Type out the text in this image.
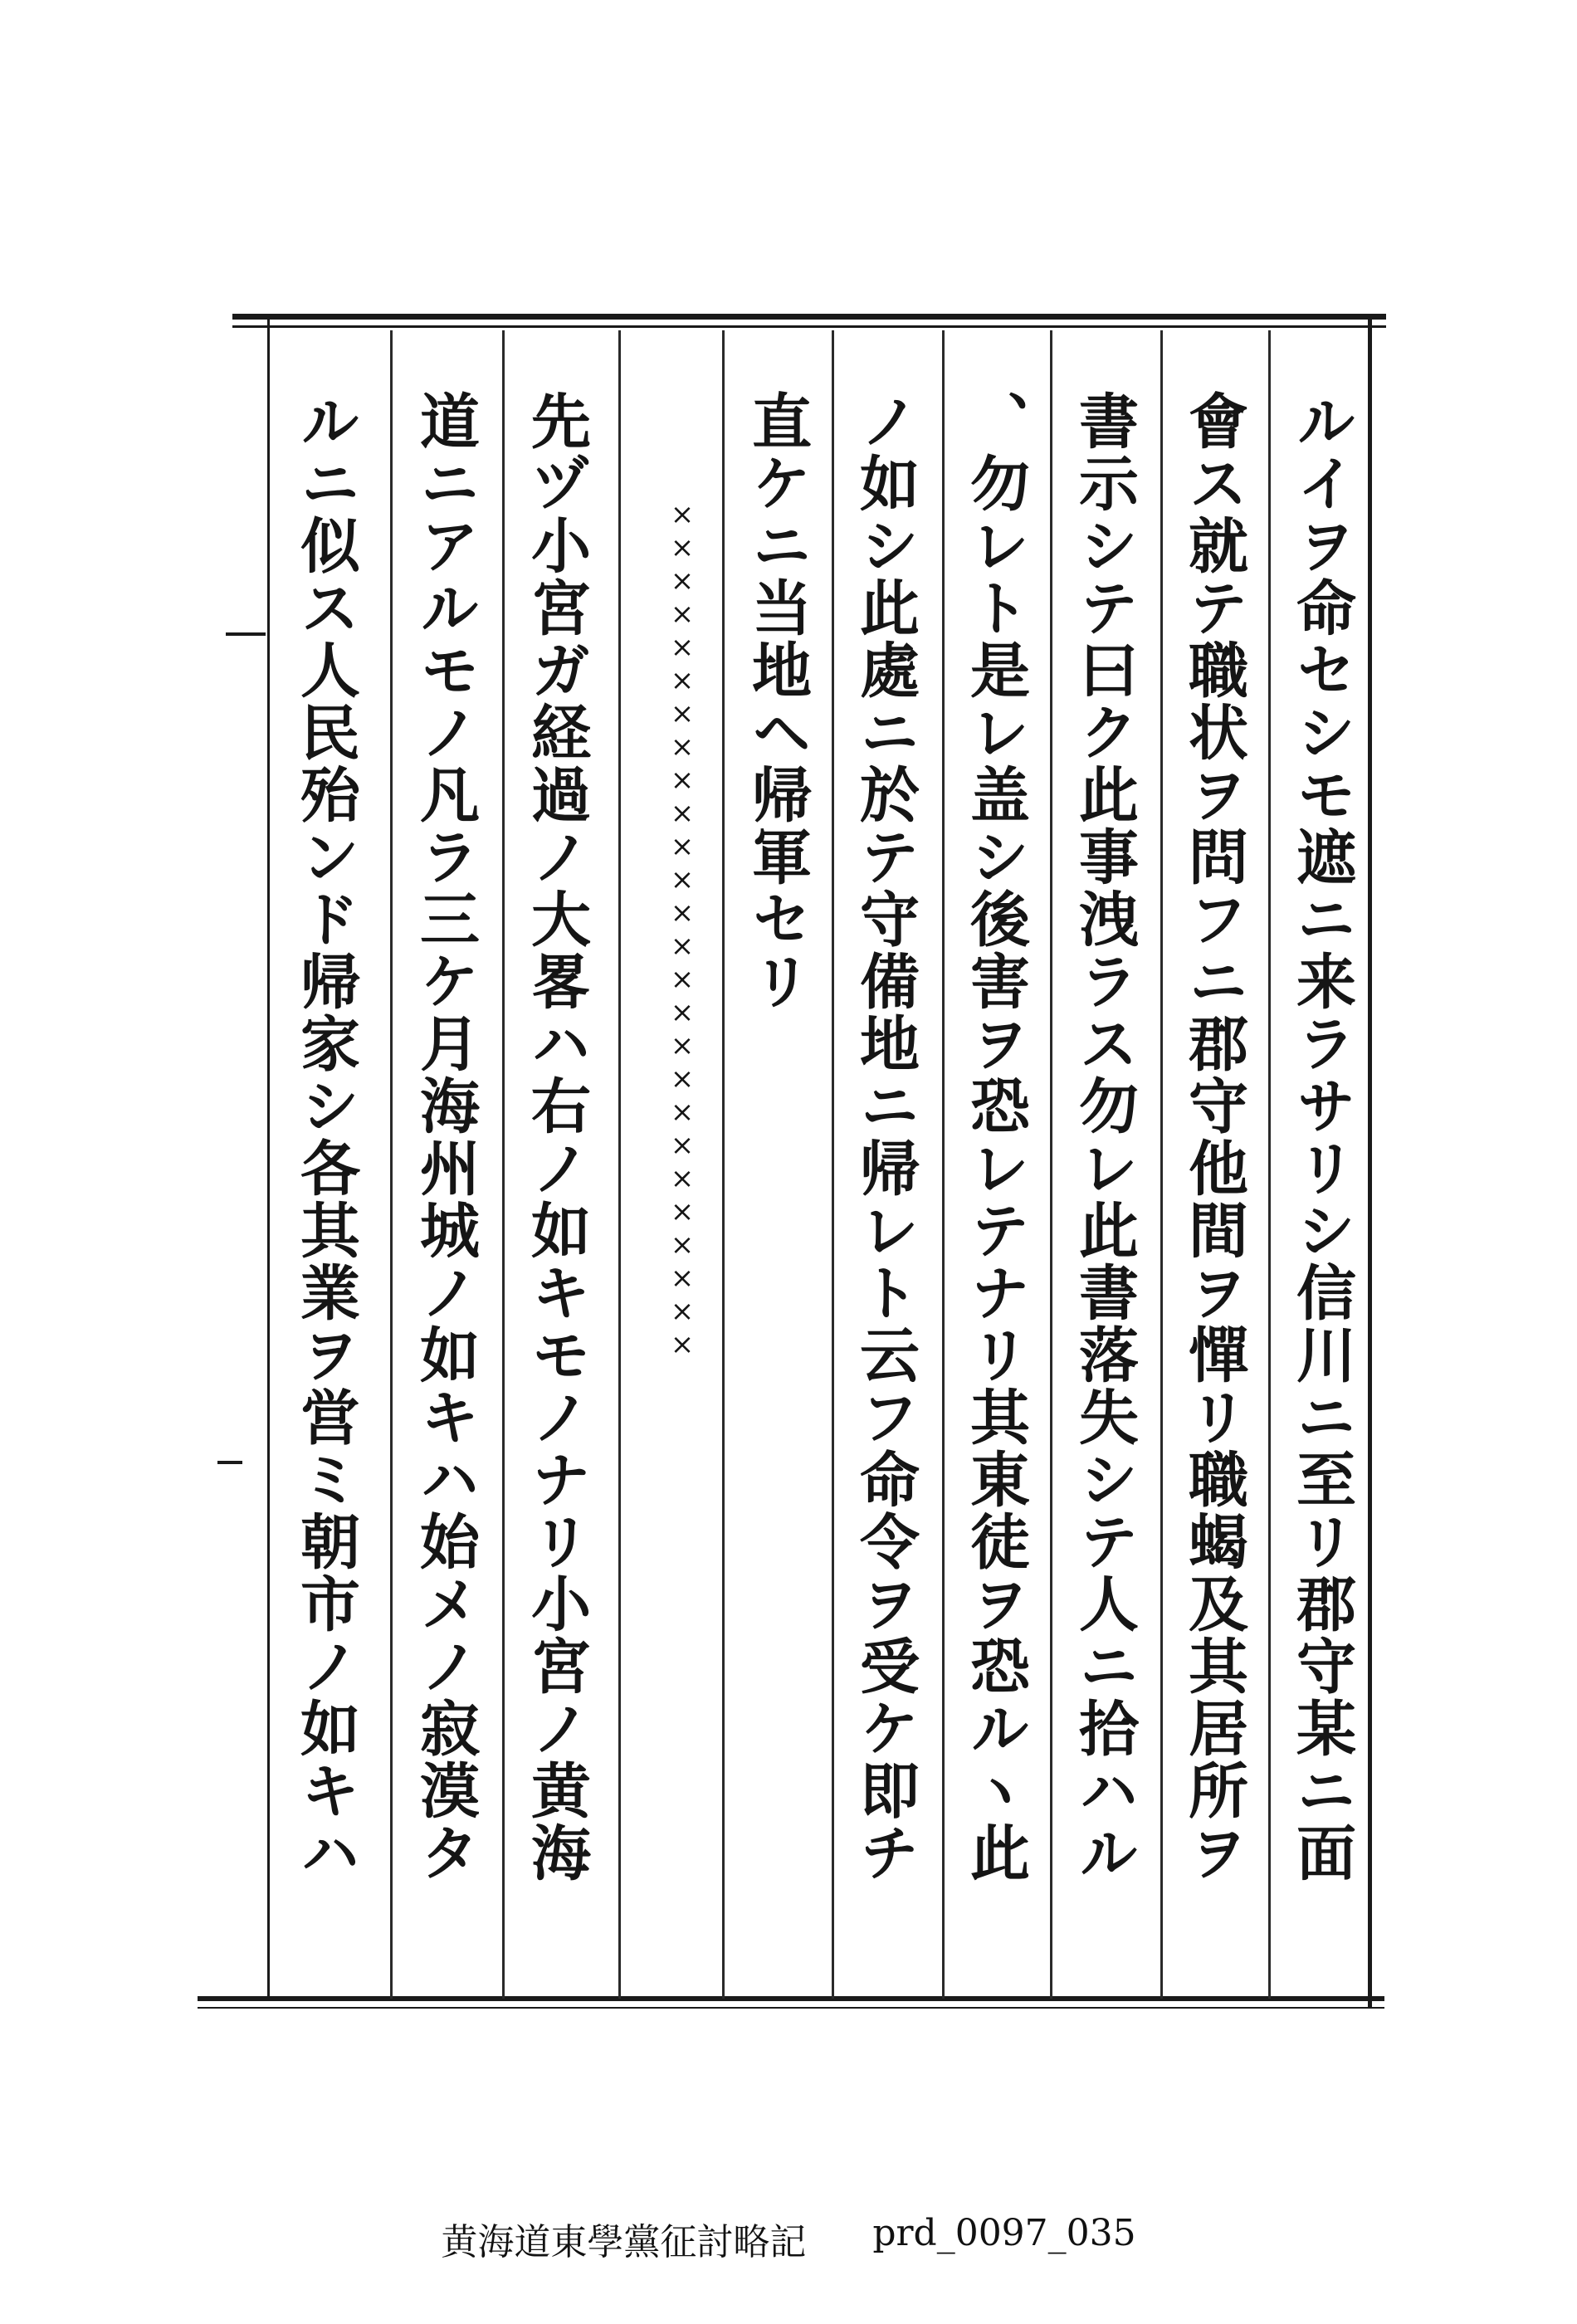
ルイヲ命セシモ遮ニ来ラサリシ信川ニ至リ郡守某ニ面
會ス就テ職状ヲ問フニ郡守他間ヲ憚リ職蝎及其居所ヲ
書示シテ曰ク此事洩ラス勿レ此書落失シテ人ニ拾ハル
、勿レト是レ盖シ後害ヲ恐レテナリ其東徒ヲ恐ルヽ此
ノ如シ此處ニ於テ守備地ニ帰レト云フ命令ヲ受ケ即チ
直ケニ当地ヘ帰軍セリ
××××××××××××××××××××××××××
先ヅ小宮ガ経過ノ大畧ハ右ノ如キモノナリ小宮ノ黄海
道ニアルモノ凡ラ三ケ月海州城ノ如キハ始メノ寂漠タ
ルニ似ス人民殆ンド帰家シ各其業ヲ営ミ朝市ノ如キハ
黄海道東學黨征討略記 prd_0097_035
